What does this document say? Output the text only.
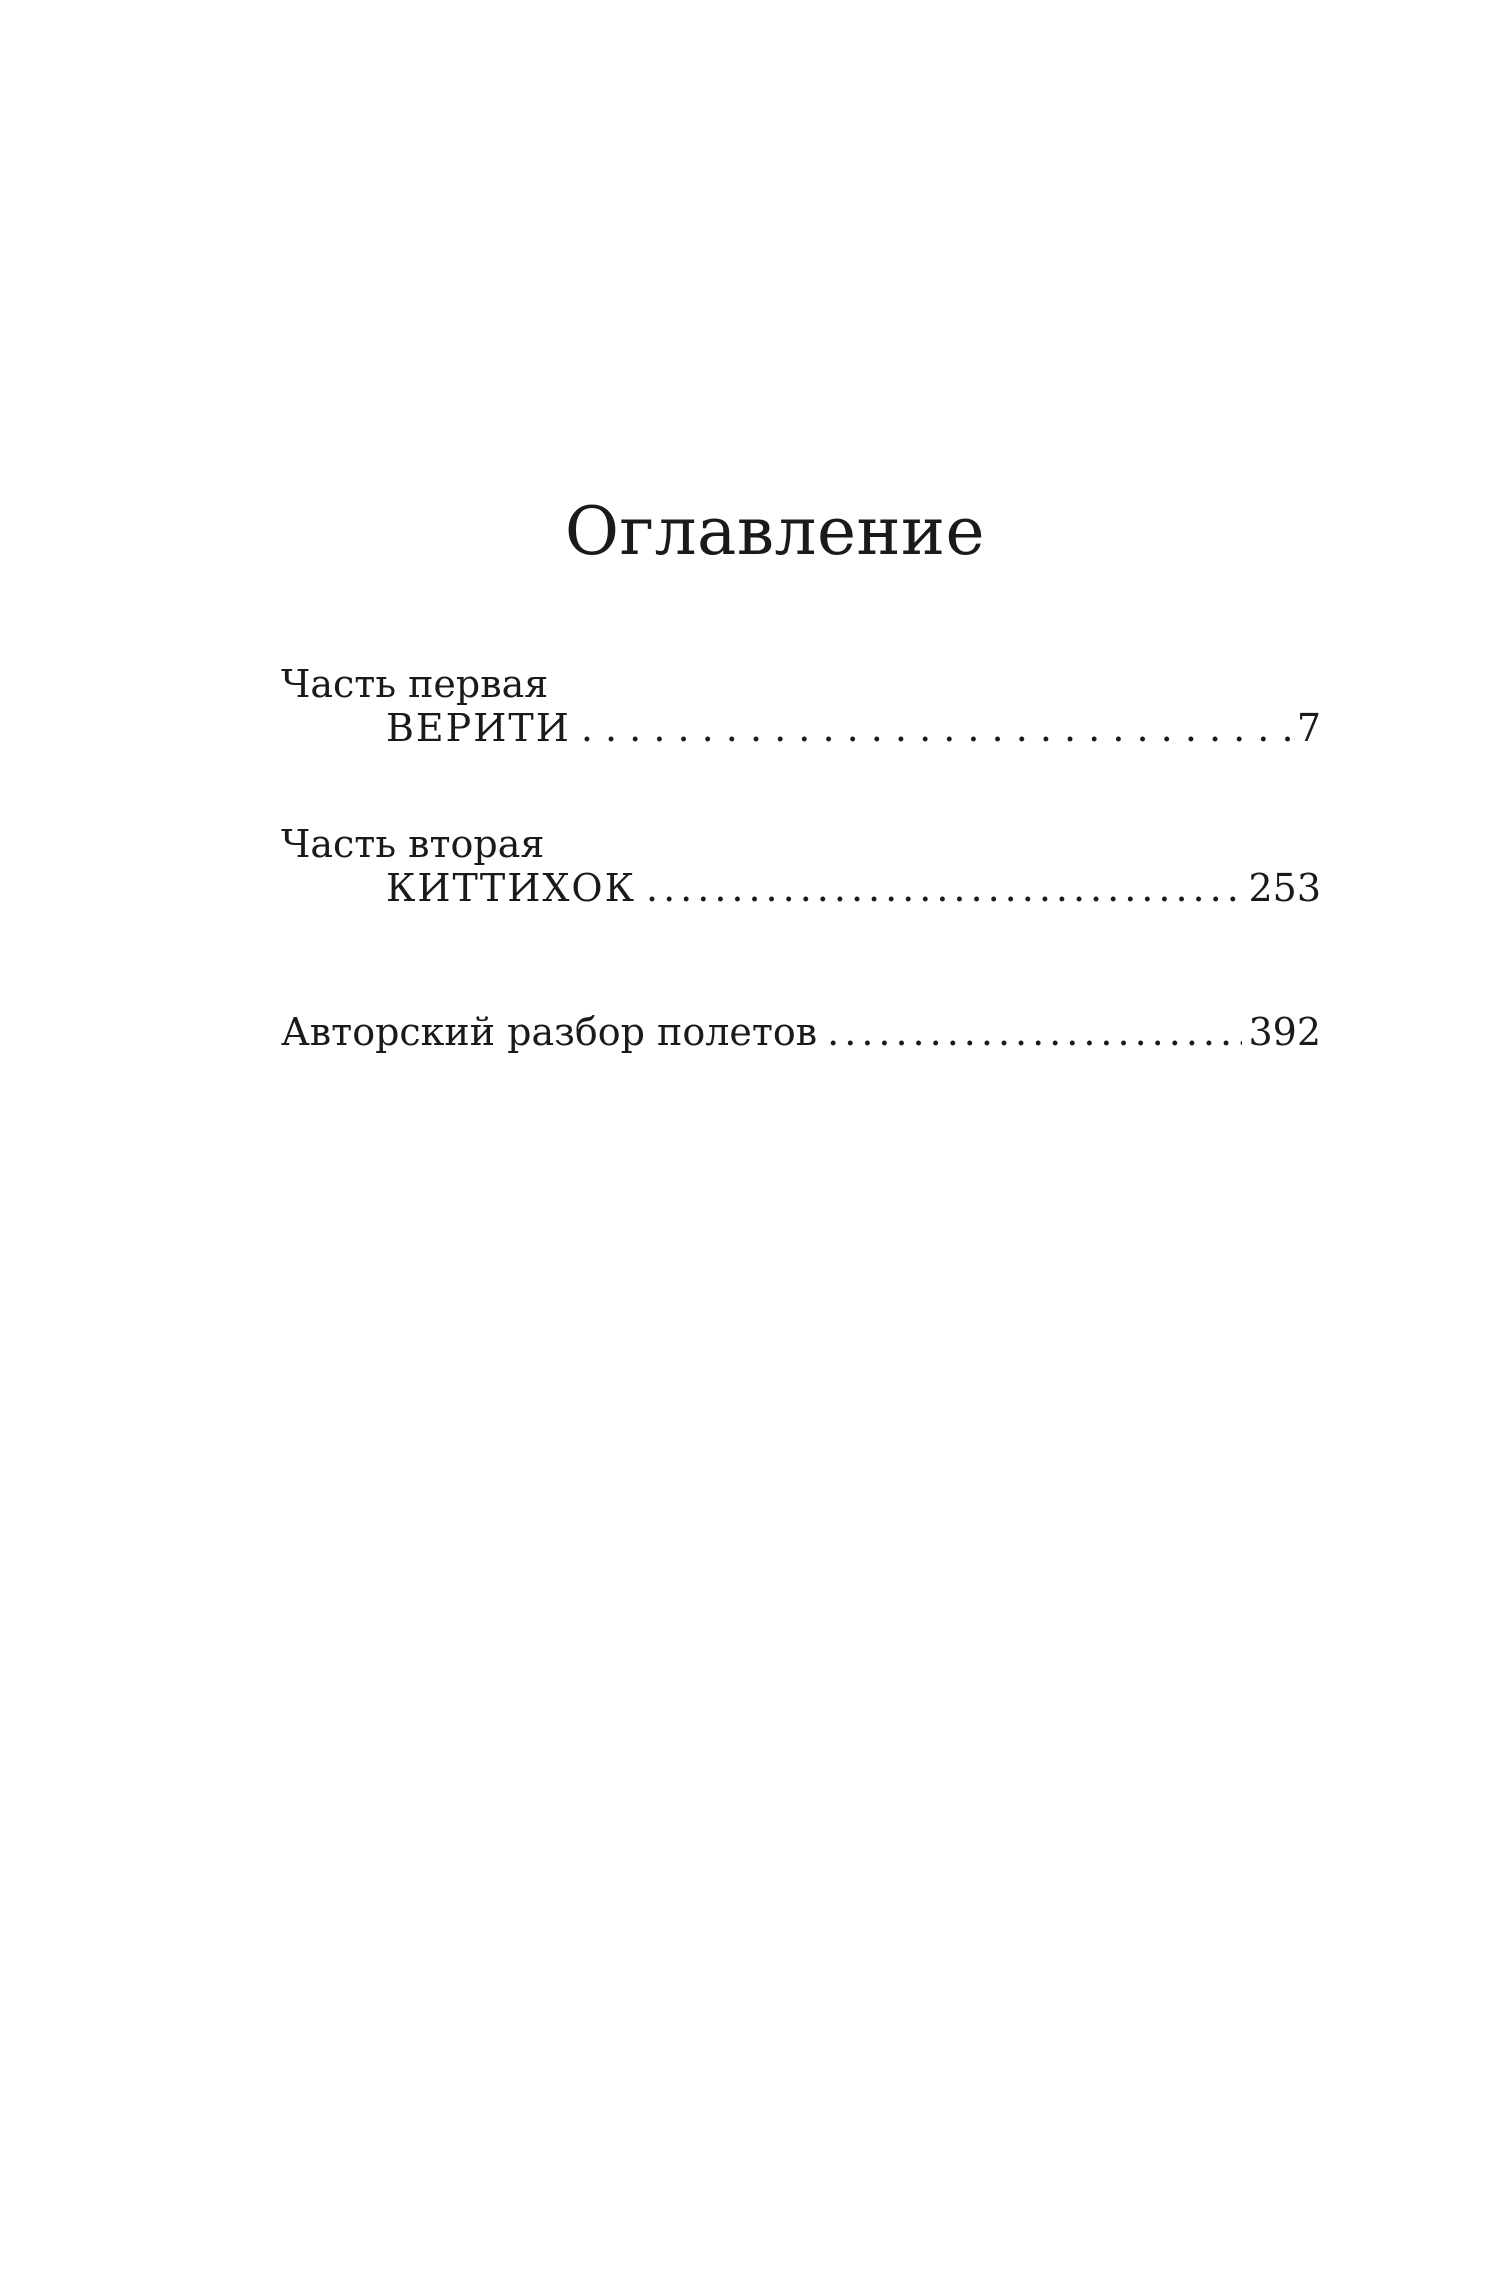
Оглавление
Часть первая
ВЕРИТИ . . .	7
Часть вторая
КИТТИХОК .....	253
Авторский разбор полетов .....	392
